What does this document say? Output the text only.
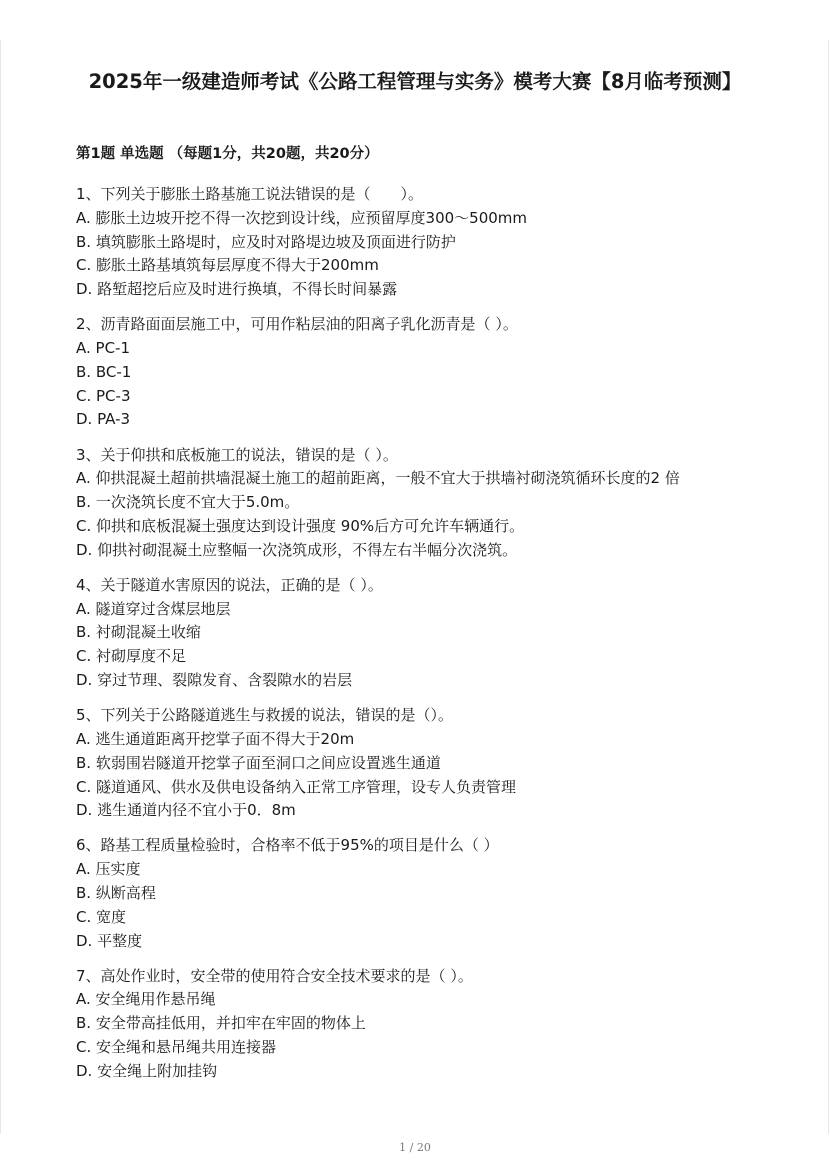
2025年一级建造师考试《公路工程管理与实务》模考大赛【8月临考预测】
第1题 单选题 （每题1分，共20题，共20分）
1、下列关于膨胀土路基施工说法错误的是（　　）。
A. 膨胀土边坡开挖不得一次挖到设计线，应预留厚度300～500mm
B. 填筑膨胀土路堤时，应及时对路堤边坡及顶面进行防护
C. 膨胀土路基填筑每层厚度不得大于200mm
D. 路堑超挖后应及时进行换填，不得长时间暴露
2、沥青路面面层施工中，可用作粘层油的阳离子乳化沥青是（ ）。
A. PC-1
B. BC-1
C. PC-3
D. PA-3
3、关于仰拱和底板施工的说法，错误的是（ ）。
A. 仰拱混凝土超前拱墙混凝土施工的超前距离，一般不宜大于拱墙衬砌浇筑循环长度的2 倍
B. 一次浇筑长度不宜大于5.0m。
C. 仰拱和底板混凝土强度达到设计强度 90%后方可允许车辆通行。
D. 仰拱衬砌混凝土应整幅一次浇筑成形，不得左右半幅分次浇筑。
4、关于隧道水害原因的说法，正确的是（ ）。
A. 隧道穿过含煤层地层
B. 衬砌混凝土收缩
C. 衬砌厚度不足
D. 穿过节理、裂隙发育、含裂隙水的岩层
5、下列关于公路隧道逃生与救援的说法，错误的是（）。
A. 逃生通道距离开挖掌子面不得大于20m
B. 软弱围岩隧道开挖掌子面至洞口之间应设置逃生通道
C. 隧道通风、供水及供电设备纳入正常工序管理，设专人负责管理
D. 逃生通道内径不宜小于0．8m
6、路基工程质量检验时，合格率不低于95%的项目是什么（ ）
A. 压实度
B. 纵断高程
C. 宽度
D. 平整度
7、高处作业时，安全带的使用符合安全技术要求的是（ ）。
A. 安全绳用作悬吊绳
B. 安全带高挂低用，并扣牢在牢固的物体上
C. 安全绳和悬吊绳共用连接器
D. 安全绳上附加挂钩
1 / 20
